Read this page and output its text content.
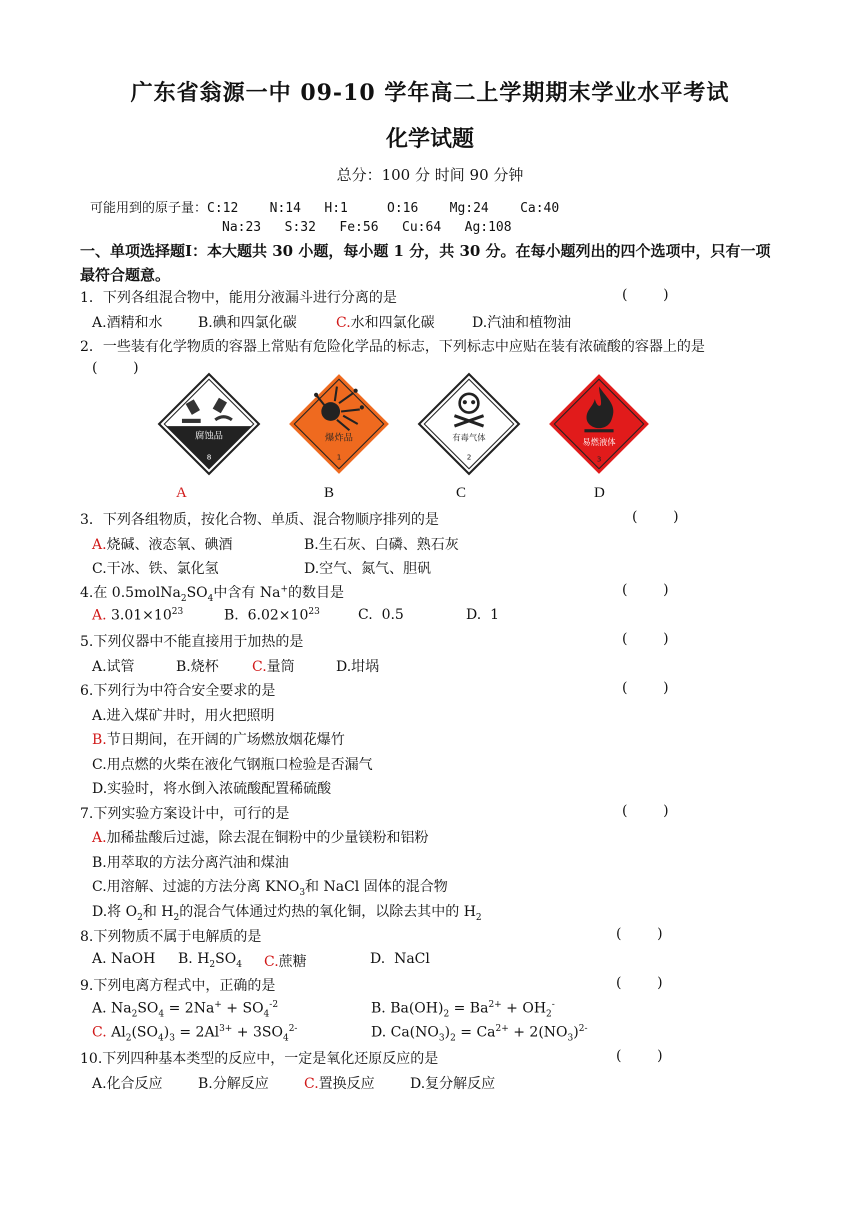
广东省翁源一中 09-10 学年高二上学期期末学业水平考试
化学试题
总分：100 分 时间 90 分钟
可能用到的原子量：C:12    N:14   H:1     O:16    Mg:24    Ca:40
Na:23   S:32   Fe:56   Cu:64   Ag:108
一、单项选择题Ⅰ：本大题共 30 小题，每小题 1 分，共 30 分。在每小题列出的四个选项中，只有一项最符合题意。
1．下列各组混合物中，能用分液漏斗进行分离的是	(        )
A.酒精和水	B.碘和四氯化碳	C.水和四氯化碳	D.汽油和植物油
2．一些装有化学物质的容器上常贴有危险化学品的标志，下列标志中应贴在装有浓硫酸的容器上的是
(        )
腐蚀品
8
爆炸品
1
有毒气体
2
易燃液体
3
A	B	C	D
3．下列各组物质，按化合物、单质、混合物顺序排列的是	(        )
A.烧碱、液态氧、碘酒	B.生石灰、白磷、熟石灰
C.干冰、铁、氯化氢	D.空气、氮气、胆矾
4.在 $0.5molNa_2SO_4$中含有 Na+的数目是	(        )
A. $3.01\times 10^{23}$	B.  $6.02\times 10^{23}$	C.  0.5	D.  1
5.下列仪器中不能直接用于加热的是	(        )
A.试管	B.烧杯 C.量筒	D.坩埚
6.下列行为中符合安全要求的是	(        )
A.进入煤矿井时，用火把照明
B.节日期间，在开阔的广场燃放烟花爆竹
C.用点燃的火柴在液化气钢瓶口检验是否漏气
D.实验时，将水倒入浓硫酸配置稀硫酸
7.下列实验方案设计中，可行的是	(        )
A.加稀盐酸后过滤，除去混在铜粉中的少量镁粉和铝粉
B.用萃取的方法分离汽油和煤油
C.用溶解、过滤的方法分离 $KNO_3$和 NaCl 固体的混合物
D.将 $O_2$和 $H_2$的混合气体通过灼热的氧化铜，以除去其中的 $H_2$
8.下列物质不属于电解质的是	(        )
A. NaOH B. $H_2SO_4$ C.蔗糖	D.  NaCl
9.下列电离方程式中，正确的是	(        )
A. $Na_2SO_4 = 2Na^+ + SO_4^{-2}$	B. $Ba(OH)_2 = Ba^{2+} + OH_2^-$
C. $Al_2(SO_4)_3 = 2Al^{3+} + 3SO_4^{2-}$	D. $Ca(NO_3)_2 = Ca^{2+} + 2(NO_3)^{2-}$
10.下列四种基本类型的反应中，一定是氧化还原反应的是	(        )
A.化合反应	B.分解反应	C.置换反应	D.复分解反应
